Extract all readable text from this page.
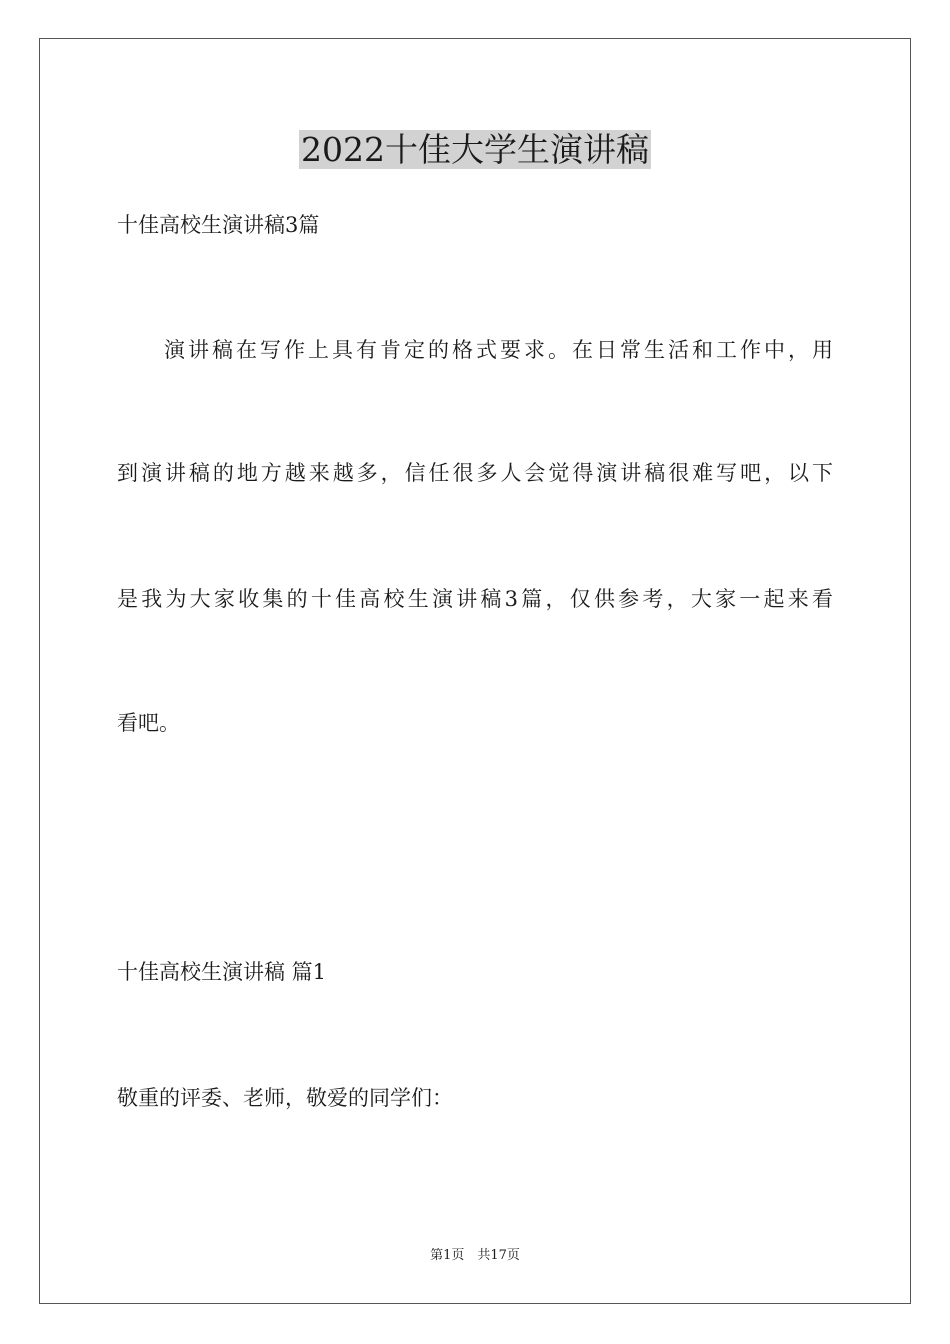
2022十佳大学生演讲稿
十佳高校生演讲稿3篇
演讲稿在写作上具有肯定的格式要求。在日常生活和工作中，用
到演讲稿的地方越来越多，信任很多人会觉得演讲稿很难写吧，以下
是我为大家收集的十佳高校生演讲稿3篇，仅供参考，大家一起来看
看吧。
十佳高校生演讲稿 篇1
敬重的评委、老师，敬爱的同学们：
第1页　共17页
